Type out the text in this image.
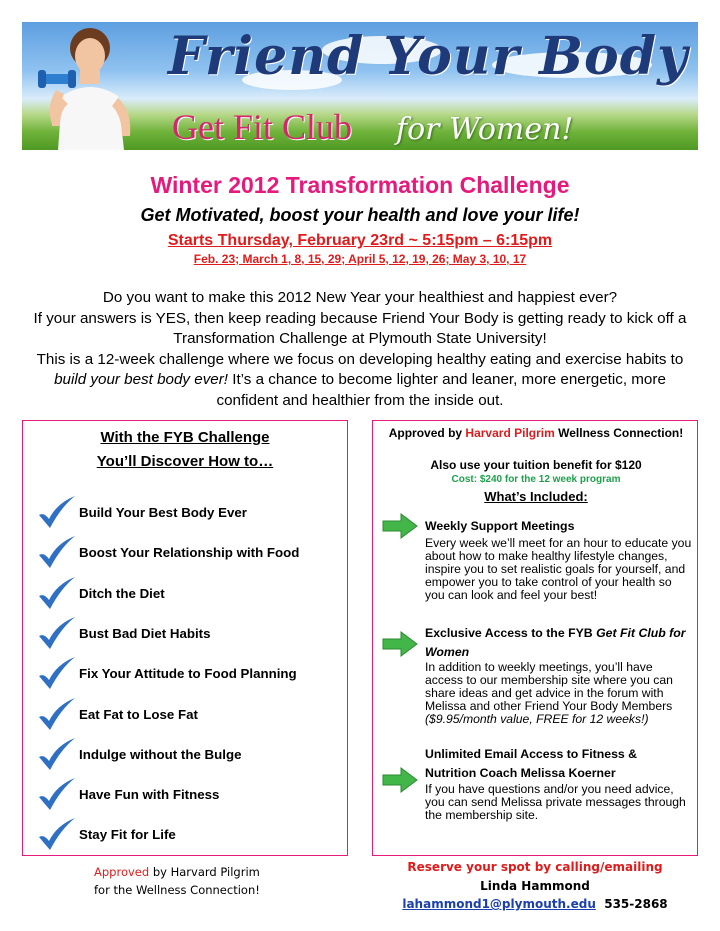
Friend Your Body
Get Fit Club for Women!
Winter 2012 Transformation Challenge
Get Motivated, boost your health and love your life!
Starts Thursday, February 23rd ~ 5:15pm – 6:15pm
Feb. 23; March 1, 8, 15, 29; April 5, 12, 19, 26; May 3, 10, 17
Do you want to make this 2012 New Year your healthiest and happiest ever?
If your answers is YES, then keep reading because Friend Your Body is getting ready to kick off a Transformation Challenge at Plymouth State University!
This is a 12-week challenge where we focus on developing healthy eating and exercise habits to build your best body ever! It’s a chance to become lighter and leaner, more energetic, more confident and healthier from the inside out.
With the FYB Challenge
You’ll Discover How to…
Build Your Best Body Ever
Boost Your Relationship with Food
Ditch the Diet
Bust Bad Diet Habits
Fix Your Attitude to Food Planning
Eat Fat to Lose Fat
Indulge without the Bulge
Have Fun with Fitness
Stay Fit for Life
Approved by Harvard Pilgrim Wellness Connection!
Also use your tuition benefit for $120
Cost: $240 for the 12 week program
What’s Included:
Weekly Support Meetings
Every week we’ll meet for an hour to educate you about how to make healthy lifestyle changes, inspire you to set realistic goals for yourself, and empower you to take control of your health so you can look and feel your best!
Exclusive Access to the FYB Get Fit Club for Women
In addition to weekly meetings, you’ll have access to our membership site where you can share ideas and get advice in the forum with Melissa and other Friend Your Body Members ($9.95/month value, FREE for 12 weeks!)
Unlimited Email Access to Fitness & Nutrition Coach Melissa Koerner
If you have questions and/or you need advice, you can send Melissa private messages through the membership site.
Approved by Harvard Pilgrim for the Wellness Connection!
Reserve your spot by calling/emailing
Linda Hammond
lahammond1@plymouth.edu 535-2868
